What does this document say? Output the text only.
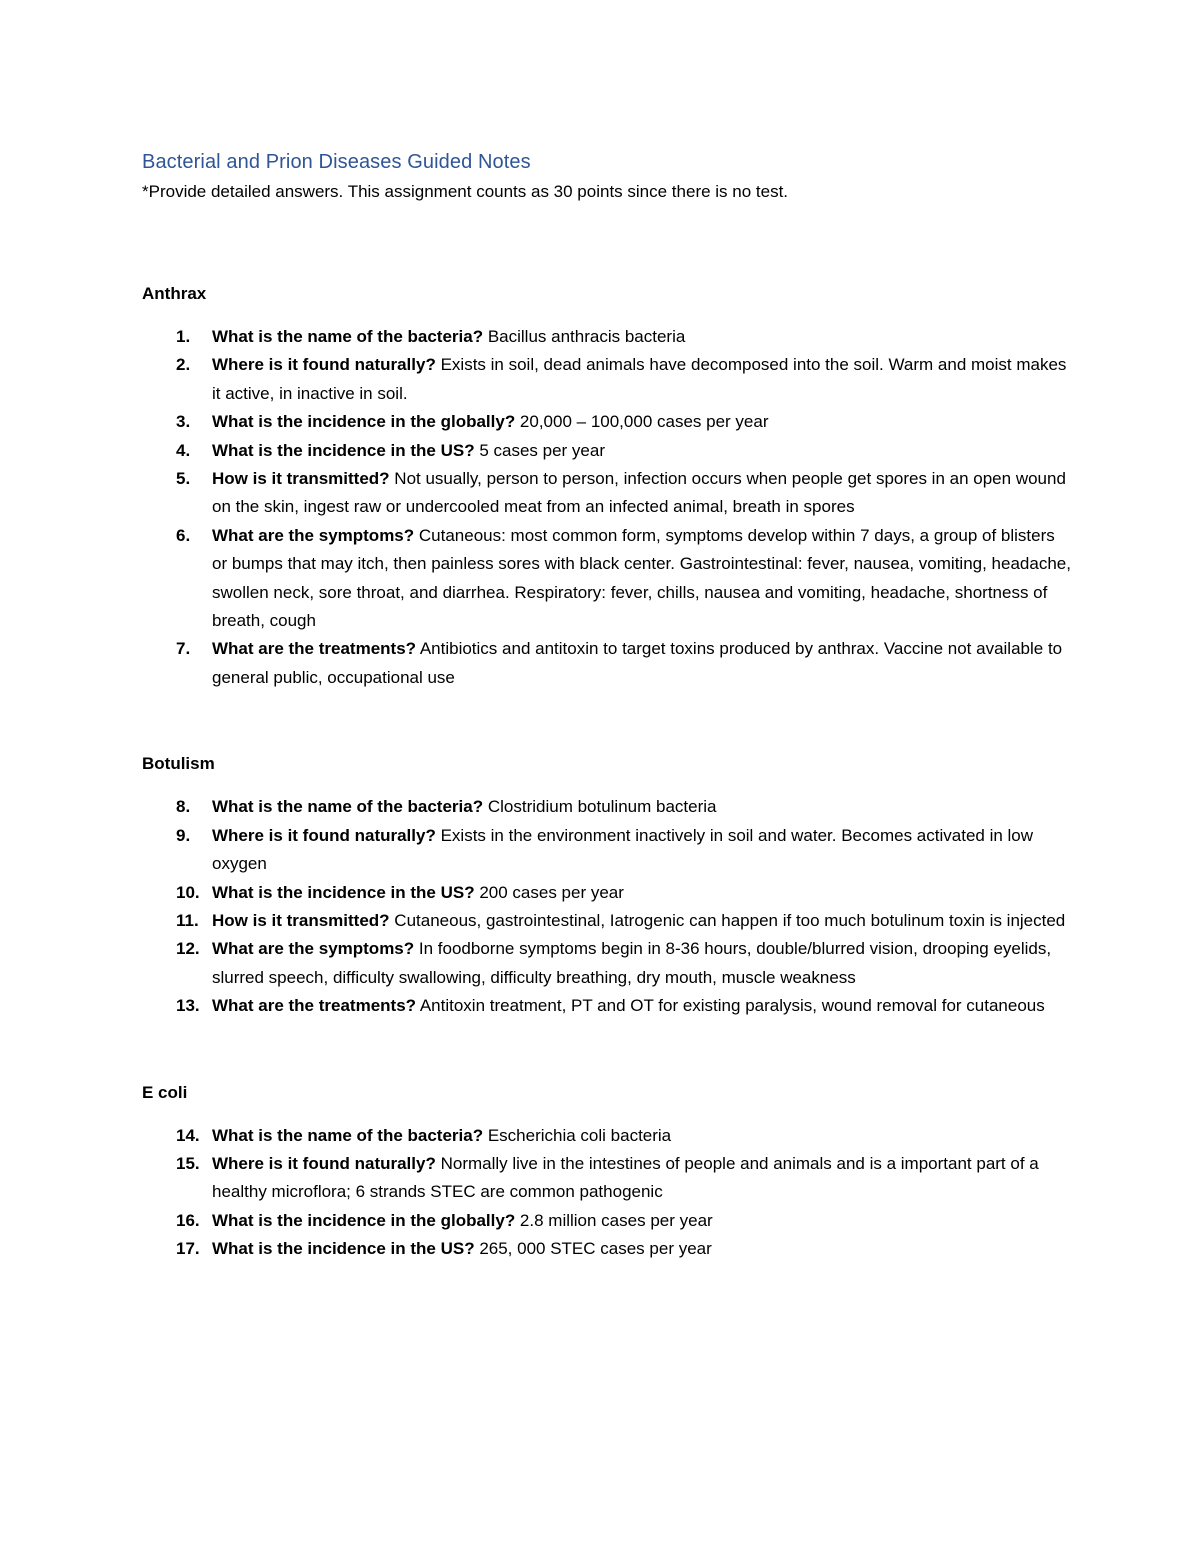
Bacterial and Prion Diseases Guided Notes

*Provide detailed answers. This assignment counts as 30 points since there is no test.

Anthrax
1. What is the name of the bacteria? Bacillus anthracis bacteria
2. Where is it found naturally? Exists in soil, dead animals have decomposed into the soil. Warm and moist makes it active, in inactive in soil.
3. What is the incidence in the globally? 20,000 – 100,000 cases per year
4. What is the incidence in the US? 5 cases per year
5. How is it transmitted? Not usually, person to person, infection occurs when people get spores in an open wound on the skin, ingest raw or undercooled meat from an infected animal, breath in spores
6. What are the symptoms? Cutaneous: most common form, symptoms develop within 7 days, a group of blisters or bumps that may itch, then painless sores with black center. Gastrointestinal: fever, nausea, vomiting, headache, swollen neck, sore throat, and diarrhea. Respiratory: fever, chills, nausea and vomiting, headache, shortness of breath, cough
7. What are the treatments? Antibiotics and antitoxin to target toxins produced by anthrax. Vaccine not available to general public, occupational use
Botulism
8. What is the name of the bacteria? Clostridium botulinum bacteria
9. Where is it found naturally? Exists in the environment inactively in soil and water. Becomes activated in low oxygen
10. What is the incidence in the US? 200 cases per year
11. How is it transmitted? Cutaneous, gastrointestinal, Iatrogenic can happen if too much botulinum toxin is injected
12. What are the symptoms? In foodborne symptoms begin in 8-36 hours, double/blurred vision, drooping eyelids, slurred speech, difficulty swallowing, difficulty breathing, dry mouth, muscle weakness
13. What are the treatments? Antitoxin treatment, PT and OT for existing paralysis, wound removal for cutaneous
E coli
14. What is the name of the bacteria? Escherichia coli bacteria
15. Where is it found naturally? Normally live in the intestines of people and animals and is a important part of a healthy microflora; 6 strands STEC are common pathogenic
16. What is the incidence in the globally? 2.8 million cases per year
17. What is the incidence in the US? 265, 000 STEC cases per year
